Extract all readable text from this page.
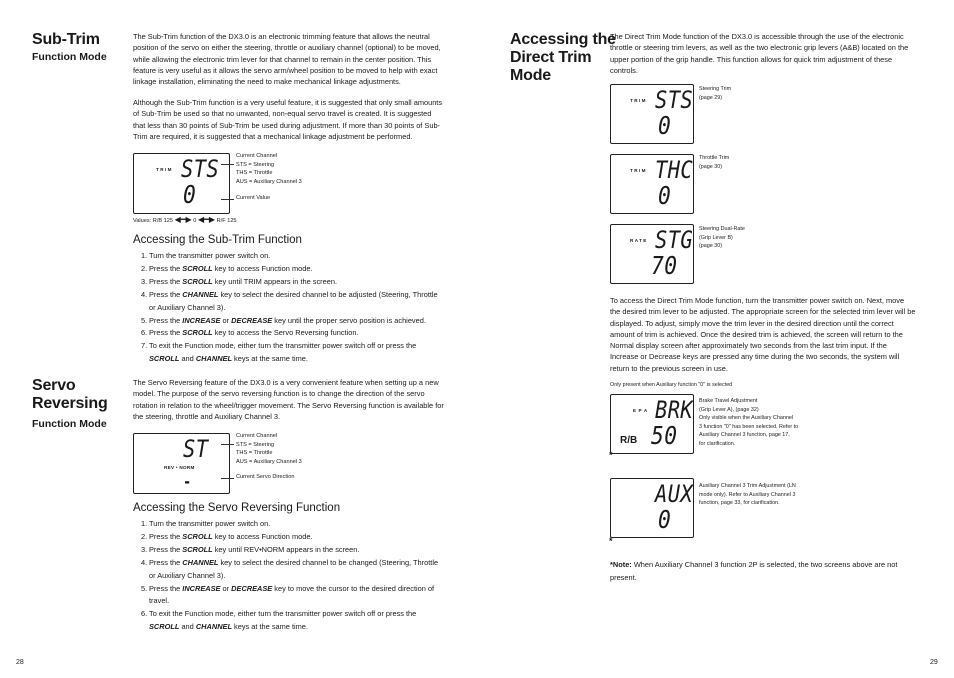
Sub-Trim
Function Mode
The Sub-Trim function of the DX3.0 is an electronic trimming feature that allows the neutral position of the servo on either the steering, throttle or auxiliary channel (optional) to be moved, while allowing the electronic trim lever for that channel to remain in the center position. This feature is very useful as it allows the servo arm/wheel position to be moved to help with exact linkage installation, eliminating the need to make mechanical linkage adjustments.
Although the Sub-Trim function is a very useful feature, it is suggested that only small amounts of Sub-Trim be used so that no unwanted, non-equal servo travel is created. It is suggested that less than 30 points of Sub-Trim be used during adjustment. If more than 30 points of Sub-Trim are required, it is suggested that a mechanical linkage adjustment be performed.
TRIM STS
0
Current Channel
STS = Steering
THS = Throttle
AUS = Auxiliary Channel 3
Current Value
Values: R/B 125 ◀━▶ 0 ◀━▶ R/F 125
Accessing the Sub-Trim Function
1. Turn the transmitter power switch on.
2. Press the SCROLL key to access Function mode.
3. Press the SCROLL key until TRIM appears in the screen.
4. Press the CHANNEL key to select the desired channel to be adjusted (Steering, Throttle or Auxiliary Channel 3).
5. Press the INCREASE or DECREASE key until the proper servo position is achieved.
6. Press the SCROLL key to access the Servo Reversing function.
7. To exit the Function mode, either turn the transmitter power switch off or press the SCROLL and CHANNEL keys at the same time.
Servo
Reversing
Function Mode
The Servo Reversing feature of the DX3.0 is a very convenient feature when setting up a new model. The purpose of the servo reversing function is to change the direction of the servo rotation in relation to the wheel/trigger movement. The Servo Reversing function is available for the steering, throttle and Auxiliary Channel 3.
REV • NORM
ST
-
Current Channel
STS = Steering
THS = Throttle
AUS = Auxiliary Channel 3
Current Servo Direction
Accessing the Servo Reversing Function
1. Turn the transmitter power switch on.
2. Press the SCROLL key to access Function mode.
3. Press the SCROLL key until REV•NORM appears in the screen.
4. Press the CHANNEL key to select the desired channel to be changed (Steering, Throttle or Auxiliary Channel 3).
5. Press the INCREASE or DECREASE key to move the cursor to the desired direction of travel.
6. To exit the Function mode, either turn the transmitter power switch off or press the SCROLL and CHANNEL keys at the same time.
28
Accessing the
Direct Trim
Mode
The Direct Trim Mode function of the DX3.0 is accessible through the use of the electronic throttle or steering trim levers, as well as the two electronic grip levers (A&B) located on the upper portion of the grip handle. This function allows for quick trim adjustment of these controls.
TRIM STS
0
Steering Trim
(page 29)
TRIM THC
0
Throttle Trim
(page 30)
RATE STG
70
Steering Dual-Rate
(Grip Lever B)
(page 30)
To access the Direct Trim Mode function, turn the transmitter power switch on. Next, move the desired trim lever to be adjusted. The appropriate screen for the selected trim lever will be displayed. To adjust, simply move the trim lever in the desired direction until the correct amount of trim is achieved. Once the desired trim is achieved, the screen will return to the Normal display screen after approximately two seconds from the last trim input. If the Increase or Decrease keys are pressed any time during the two seconds, the system will return to the previous screen in use.
Only present when Auxiliary function "0" is selected
E P A
R/B
BRK
50
*
Brake Travel Adjustment
(Grip Lever A), (page 32)
Only visible when the Auxiliary Channel
3 function "0" has been selected. Refer to
Auxiliary Channel 3 function, page 17,
for clarification.
AUX
0
*
Auxiliary Channel 3 Trim Adjustment (LN
mode only). Refer to Auxiliary Channel 3
function, page 33, for clarification.
*Note: When Auxiliary Channel 3 function 2P is selected, the two screens above are not present.
29
